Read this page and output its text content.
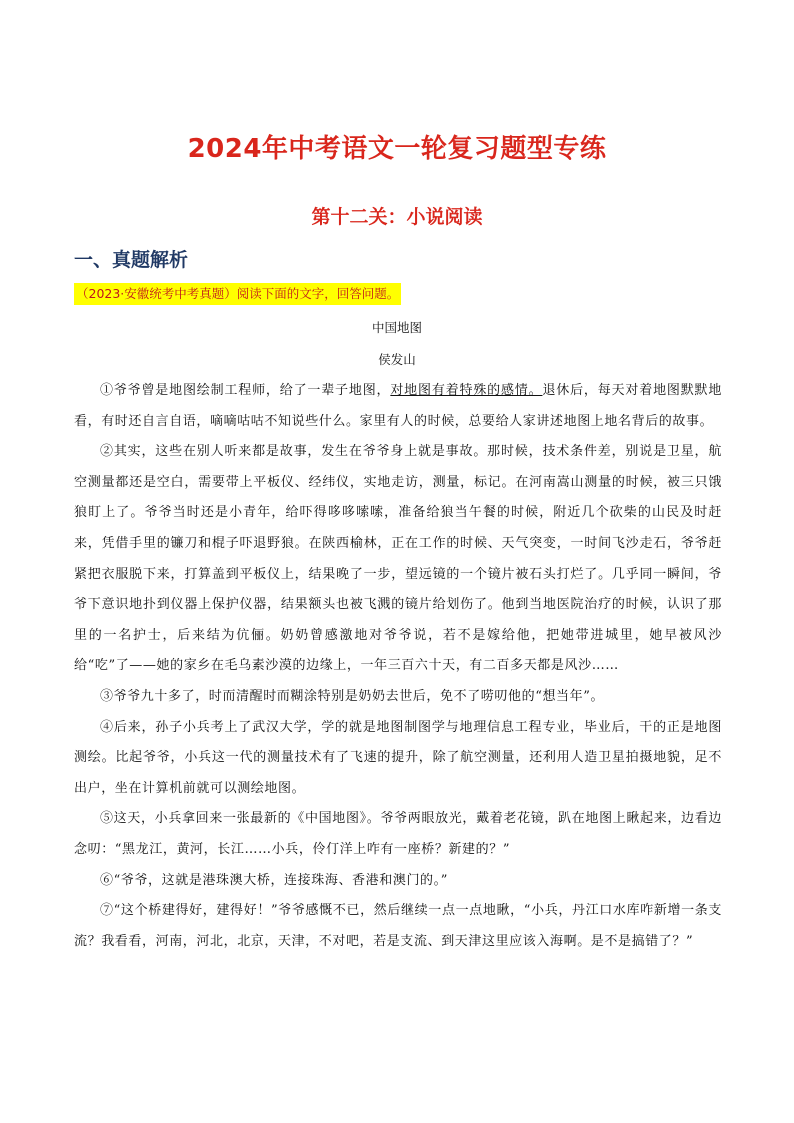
2024年中考语文一轮复习题型专练
第十二关：小说阅读
一、真题解析
（2023·安徽统考中考真题）阅读下面的文字，回答问题。
中国地图
侯发山

①爷爷曾是地图绘制工程师，给了一辈子地图，对地图有着特殊的感情。退休后，每天对着地图默默地看，有时还自言自语，嘀嘀咕咕不知说些什么。家里有人的时候，总要给人家讲述地图上地名背后的故事。

②其实，这些在别人听来都是故事，发生在爷爷身上就是事故。那时候，技术条件差，别说是卫星，航空测量都还是空白，需要带上平板仪、经纬仪，实地走访，测量，标记。在河南嵩山测量的时候，被三只饿狼盯上了。爷爷当时还是小青年，给吓得哆哆嗦嗦，准备给狼当午餐的时候，附近几个砍柴的山民及时赶来，凭借手里的镰刀和棍子吓退野狼。在陕西榆林，正在工作的时候、天气突变，一时间飞沙走石，爷爷赶紧把衣服脱下来，打算盖到平板仪上，结果晚了一步，望远镜的一个镜片被石头打烂了。几乎同一瞬间，爷爷下意识地扑到仪器上保护仪器，结果额头也被飞溅的镜片给划伤了。他到当地医院治疗的时候，认识了那里的一名护士，后来结为伉俪。奶奶曾感激地对爷爷说，若不是嫁给他，把她带进城里，她早被风沙给“吃”了——她的家乡在毛乌素沙漠的边缘上，一年三百六十天，有二百多天都是风沙……

③爷爷九十多了，时而清醒时而糊涂特别是奶奶去世后，免不了唠叨他的“想当年”。

④后来，孙子小兵考上了武汉大学，学的就是地图制图学与地理信息工程专业，毕业后，干的正是地图测绘。比起爷爷，小兵这一代的测量技术有了飞速的提升，除了航空测量，还利用人造卫星拍摄地貌，足不出户，坐在计算机前就可以测绘地图。

⑤这天，小兵拿回来一张最新的《中国地图》。爷爷两眼放光，戴着老花镜，趴在地图上瞅起来，边看边念叨：“黑龙江，黄河，长江……小兵，伶仃洋上咋有一座桥？新建的？”

⑥“爷爷，这就是港珠澳大桥，连接珠海、香港和澳门的。”

⑦“这个桥建得好，建得好！”爷爷感慨不已，然后继续一点一点地瞅，“小兵，丹江口水库咋新增一条支流？我看看，河南，河北，北京，天津，不对吧，若是支流、到天津这里应该入海啊。是不是搞错了？”
